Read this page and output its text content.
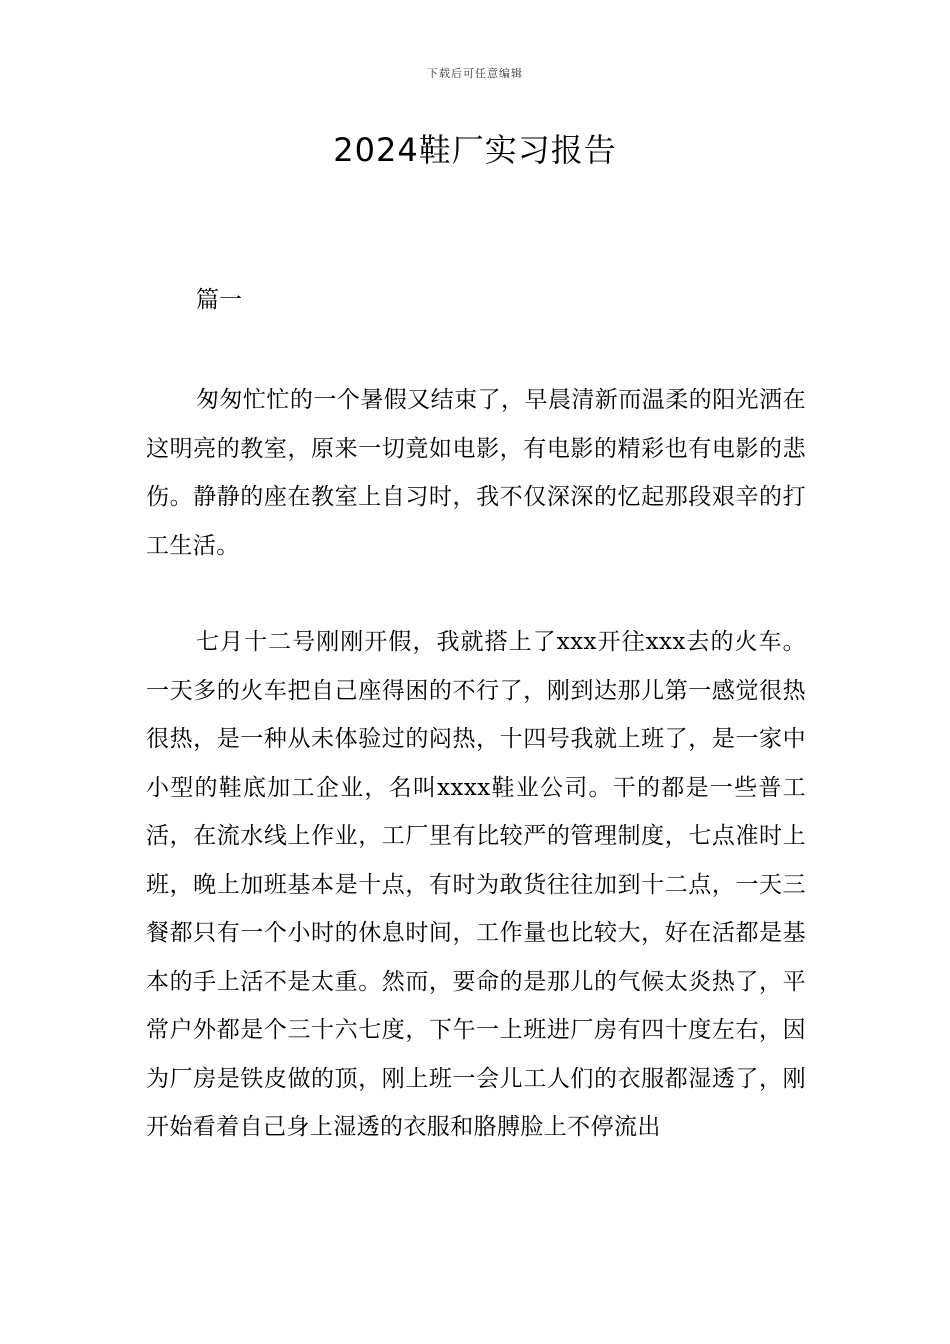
下载后可任意编辑
2024鞋厂实习报告

篇一

匆匆忙忙的一个暑假又结束了，早晨清新而温柔的阳光洒在这明亮的教室，原来一切竟如电影，有电影的精彩也有电影的悲伤。静静的座在教室上自习时，我不仅深深的忆起那段艰辛的打工生活。

七月十二号刚刚开假，我就搭上了xxx开往xxx去的火车。一天多的火车把自己座得困的不行了，刚到达那儿第一感觉很热很热，是一种从未体验过的闷热，十四号我就上班了，是一家中小型的鞋底加工企业，名叫xxxx鞋业公司。干的都是一些普工活，在流水线上作业，工厂里有比较严的管理制度，七点准时上班，晚上加班基本是十点，有时为敢货往往加到十二点，一天三餐都只有一个小时的休息时间，工作量也比较大，好在活都是基本的手上活不是太重。然而，要命的是那儿的气候太炎热了，平常户外都是个三十六七度，下午一上班进厂房有四十度左右，因为厂房是铁皮做的顶，刚上班一会儿工人们的衣服都湿透了，刚开始看着自己身上湿透的衣服和胳膊脸上不停流出
